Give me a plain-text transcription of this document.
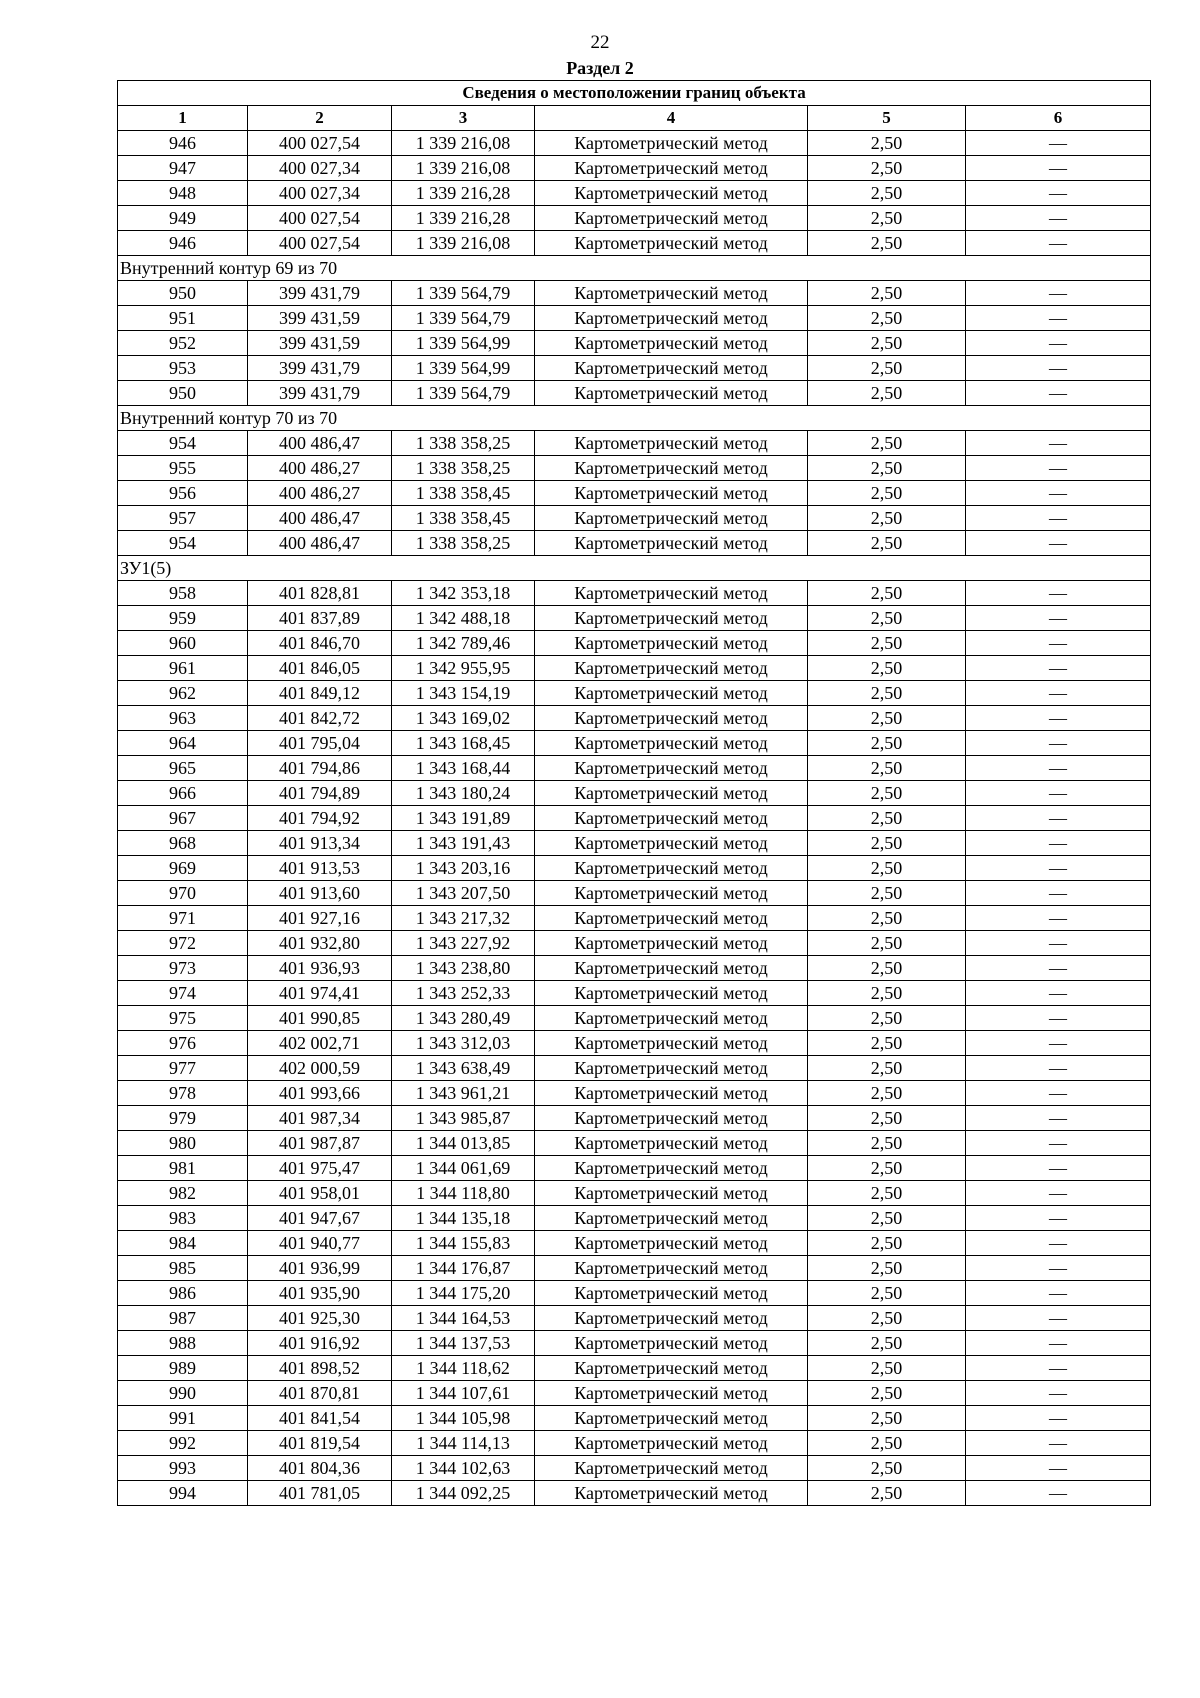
22
Раздел 2
Сведения о местоположении границ объекта					
1	2	3	4	5	6
946	400 027,54	1 339 216,08	Картометрический метод	2,50	—
947	400 027,34	1 339 216,08	Картометрический метод	2,50	—
948	400 027,34	1 339 216,28	Картометрический метод	2,50	—
949	400 027,54	1 339 216,28	Картометрический метод	2,50	—
946	400 027,54	1 339 216,08	Картометрический метод	2,50	—
Внутренний контур 69 из 70					
950	399 431,79	1 339 564,79	Картометрический метод	2,50	—
951	399 431,59	1 339 564,79	Картометрический метод	2,50	—
952	399 431,59	1 339 564,99	Картометрический метод	2,50	—
953	399 431,79	1 339 564,99	Картометрический метод	2,50	—
950	399 431,79	1 339 564,79	Картометрический метод	2,50	—
Внутренний контур 70 из 70					
954	400 486,47	1 338 358,25	Картометрический метод	2,50	—
955	400 486,27	1 338 358,25	Картометрический метод	2,50	—
956	400 486,27	1 338 358,45	Картометрический метод	2,50	—
957	400 486,47	1 338 358,45	Картометрический метод	2,50	—
954	400 486,47	1 338 358,25	Картометрический метод	2,50	—
ЗУ1(5)					
958	401 828,81	1 342 353,18	Картометрический метод	2,50	—
959	401 837,89	1 342 488,18	Картометрический метод	2,50	—
960	401 846,70	1 342 789,46	Картометрический метод	2,50	—
961	401 846,05	1 342 955,95	Картометрический метод	2,50	—
962	401 849,12	1 343 154,19	Картометрический метод	2,50	—
963	401 842,72	1 343 169,02	Картометрический метод	2,50	—
964	401 795,04	1 343 168,45	Картометрический метод	2,50	—
965	401 794,86	1 343 168,44	Картометрический метод	2,50	—
966	401 794,89	1 343 180,24	Картометрический метод	2,50	—
967	401 794,92	1 343 191,89	Картометрический метод	2,50	—
968	401 913,34	1 343 191,43	Картометрический метод	2,50	—
969	401 913,53	1 343 203,16	Картометрический метод	2,50	—
970	401 913,60	1 343 207,50	Картометрический метод	2,50	—
971	401 927,16	1 343 217,32	Картометрический метод	2,50	—
972	401 932,80	1 343 227,92	Картометрический метод	2,50	—
973	401 936,93	1 343 238,80	Картометрический метод	2,50	—
974	401 974,41	1 343 252,33	Картометрический метод	2,50	—
975	401 990,85	1 343 280,49	Картометрический метод	2,50	—
976	402 002,71	1 343 312,03	Картометрический метод	2,50	—
977	402 000,59	1 343 638,49	Картометрический метод	2,50	—
978	401 993,66	1 343 961,21	Картометрический метод	2,50	—
979	401 987,34	1 343 985,87	Картометрический метод	2,50	—
980	401 987,87	1 344 013,85	Картометрический метод	2,50	—
981	401 975,47	1 344 061,69	Картометрический метод	2,50	—
982	401 958,01	1 344 118,80	Картометрический метод	2,50	—
983	401 947,67	1 344 135,18	Картометрический метод	2,50	—
984	401 940,77	1 344 155,83	Картометрический метод	2,50	—
985	401 936,99	1 344 176,87	Картометрический метод	2,50	—
986	401 935,90	1 344 175,20	Картометрический метод	2,50	—
987	401 925,30	1 344 164,53	Картометрический метод	2,50	—
988	401 916,92	1 344 137,53	Картометрический метод	2,50	—
989	401 898,52	1 344 118,62	Картометрический метод	2,50	—
990	401 870,81	1 344 107,61	Картометрический метод	2,50	—
991	401 841,54	1 344 105,98	Картометрический метод	2,50	—
992	401 819,54	1 344 114,13	Картометрический метод	2,50	—
993	401 804,36	1 344 102,63	Картометрический метод	2,50	—
994	401 781,05	1 344 092,25	Картометрический метод	2,50	—
